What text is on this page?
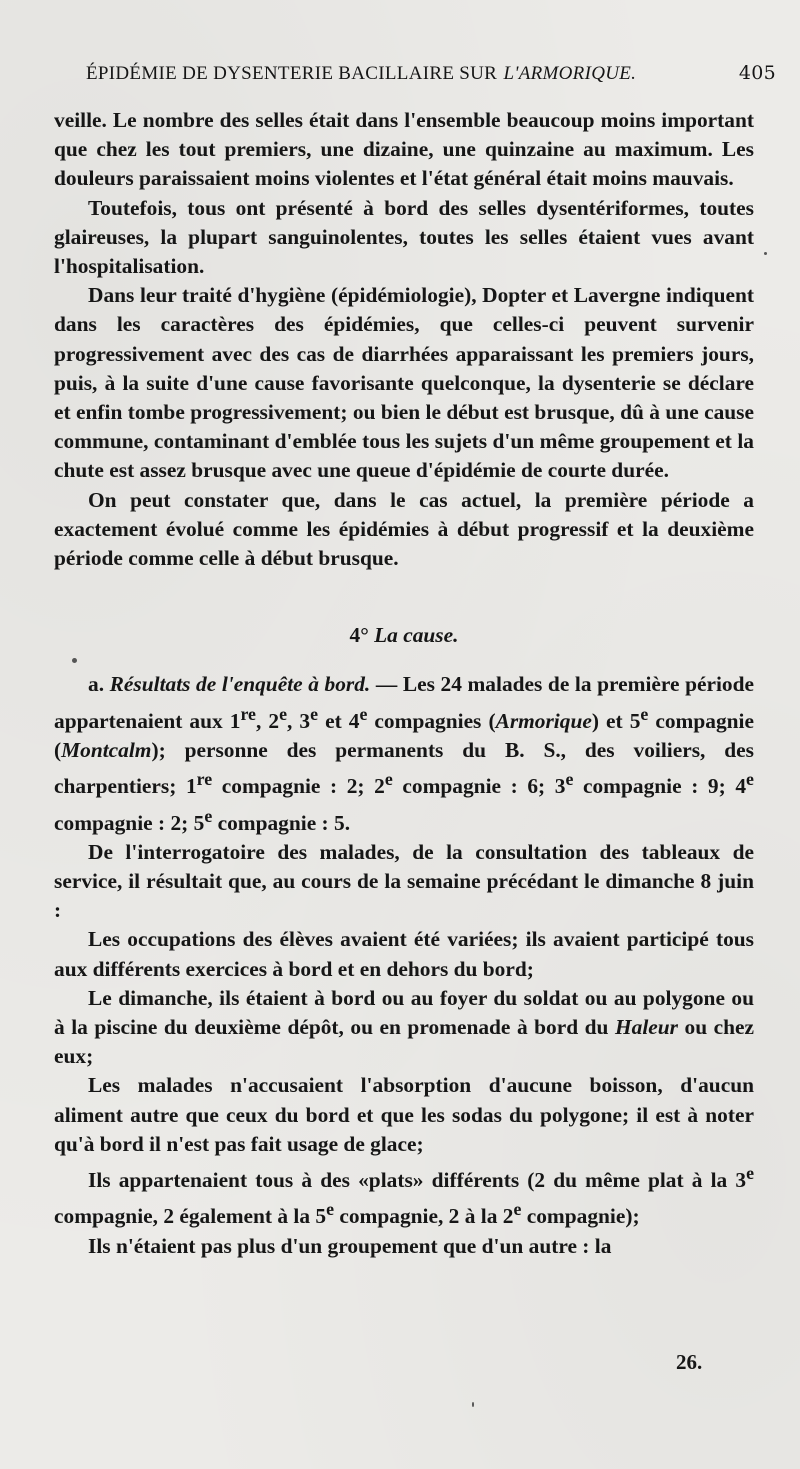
ÉPIDÉMIE DE DYSENTERIE BACILLAIRE SUR L'ARMORIQUE.	405

veille. Le nombre des selles était dans l'ensemble beaucoup moins important que chez les tout premiers, une dizaine, une quinzaine au maximum. Les douleurs paraissaient moins violentes et l'état général était moins mauvais.

Toutefois, tous ont présenté à bord des selles dysentériformes, toutes glaireuses, la plupart sanguinolentes, toutes les selles étaient vues avant l'hospitalisation.

Dans leur traité d'hygiène (épidémiologie), Dopter et Lavergne indiquent dans les caractères des épidémies, que celles-ci peuvent survenir progressivement avec des cas de diarrhées apparaissant les premiers jours, puis, à la suite d'une cause favorisante quelconque, la dysenterie se déclare et enfin tombe progressivement; ou bien le début est brusque, dû à une cause commune, contaminant d'emblée tous les sujets d'un même groupement et la chute est assez brusque avec une queue d'épidémie de courte durée.

On peut constater que, dans le cas actuel, la première période a exactement évolué comme les épidémies à début progressif et la deuxième période comme celle à début brusque.

4° La cause.

a. Résultats de l'enquête à bord. — Les 24 malades de la première période appartenaient aux 1re, 2e, 3e et 4e compagnies (Armorique) et 5e compagnie (Montcalm); personne des permanents du B. S., des voiliers, des charpentiers; 1re compagnie : 2; 2e compagnie : 6; 3e compagnie : 9; 4e compagnie : 2; 5e compagnie : 5.

De l'interrogatoire des malades, de la consultation des tableaux de service, il résultait que, au cours de la semaine précédant le dimanche 8 juin :

Les occupations des élèves avaient été variées; ils avaient participé tous aux différents exercices à bord et en dehors du bord;

Le dimanche, ils étaient à bord ou au foyer du soldat ou au polygone ou à la piscine du deuxième dépôt, ou en promenade à bord du Haleur ou chez eux;

Les malades n'accusaient l'absorption d'aucune boisson, d'aucun aliment autre que ceux du bord et que les sodas du polygone; il est à noter qu'à bord il n'est pas fait usage de glace;

Ils appartenaient tous à des «plats» différents (2 du même plat à la 3e compagnie, 2 également à la 5e compagnie, 2 à la 2e compagnie);

Ils n'étaient pas plus d'un groupement que d'un autre : la

26.
